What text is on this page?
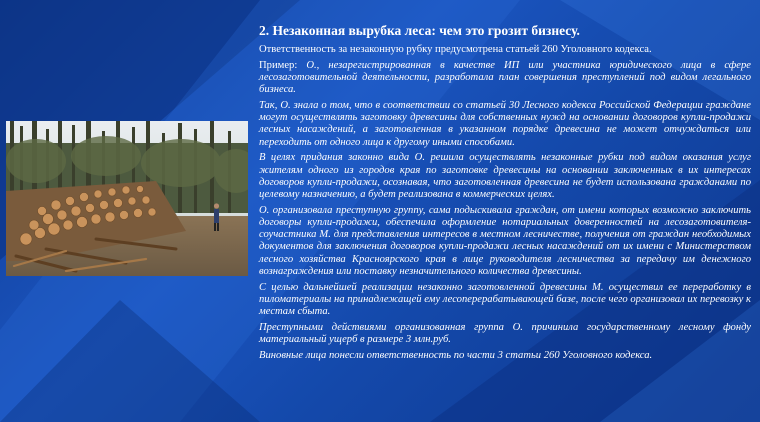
2. Незаконная вырубка леса: чем это грозит бизнесу.

Ответственность за незаконную рубку предусмотрена статьей 260 Уголовного кодекса.

Пример: О., незарегистрированная в качестве ИП или участника юридического лица в сфере лесозаготовительной деятельности, разработала план совершения преступлений под видом легального бизнеса.

Так, О. знала о том, что в соответствии со статьей 30 Лесного кодекса Российской Федерации граждане могут осуществлять заготовку древесины для собственных нужд на основании договоров купли-продажи лесных насаждений, а заготовленная в указанном порядке древесина не может отчуждаться или переходить от одного лица к другому иными способами.

В целях придания законно вида О. решила осуществлять незаконные рубки под видом оказания услуг жителям одного из городов края по заготовке древесины на основании заключенных в их интересах договоров купли-продажи, осознавая, что заготовленная древесина не будет использована гражданами по целевому назначению, а будет реализована в коммерческих целях.

О. организовала преступную группу, сама подыскивала граждан, от имени которых возможно заключить договоры купли-продажи, обеспечила оформление нотариальных доверенностей на лесозаготовителя-соучастника М. для представления интересов в местном лесничестве, получения от граждан необходимых документов для заключения договоров купли-продажи лесных насаждений от их имени с Министерством лесного хозяйства Красноярского края в лице руководителя лесничества за передачу им денежного вознаграждения или поставку незначительного количества древесины.

С целью дальнейшей реализации незаконно заготовленной древесины М. осуществил ее переработку в пиломатериалы на принадлежащей ему лесоперерабатывающей базе, после чего организовал их перевозку к местам сбыта.

Преступными действиями организованная группа О. причинила государственному лесному фонду материальный ущерб в размере 3 млн.руб.

Виновные лица понесли ответственность по части 3 статьи 260 Уголовного кодекса.
